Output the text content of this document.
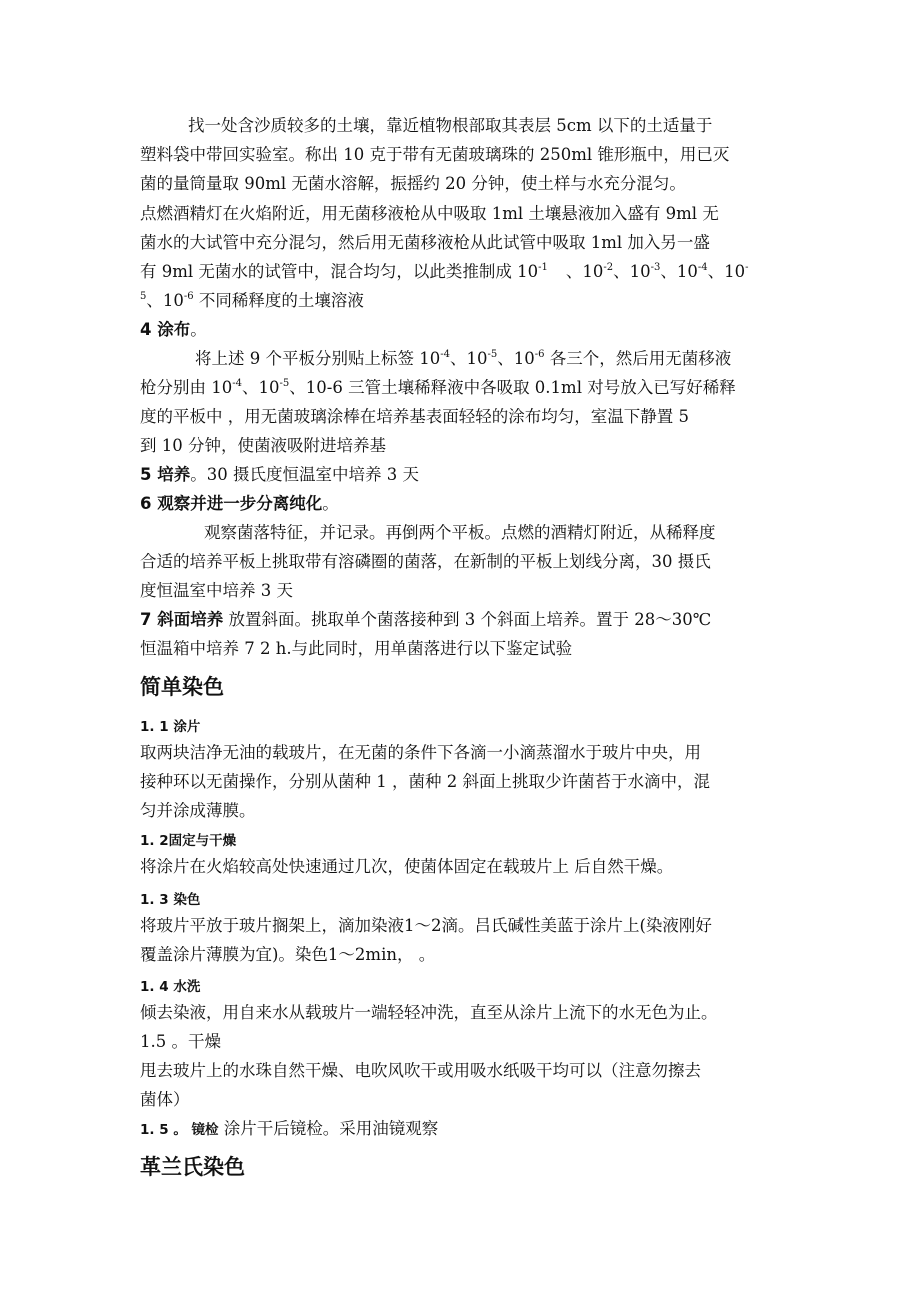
找一处含沙质较多的土壤，靠近植物根部取其表层 5cm 以下的土适量于
塑料袋中带回实验室。称出 10 克于带有无菌玻璃珠的 250ml 锥形瓶中，用已灭
菌的量筒量取 90ml 无菌水溶解，振摇约 20 分钟，使土样与水充分混匀。
点燃酒精灯在火焰附近，用无菌移液枪从中吸取 1ml 土壤悬液加入盛有 9ml 无
菌水的大试管中充分混匀，然后用无菌移液枪从此试管中吸取 1ml 加入另一盛
有 9ml 无菌水的试管中，混合均匀，以此类推制成 $10^{-1}$ 、$10^{-2}$、$10^{-3}$、$10^{-4}$、10-
$^5$、$10^{-6}$ 不同稀释度的土壤溶液
4 涂布。
将上述 9 个平板分别贴上标签 $10^{-4}$、$10^{-5}$、$10^{-6}$ 各三个，然后用无菌移液
枪分别由 $10^{-4}$、$10^{-5}$、10-6 三管土壤稀释液中各吸取 0.1ml 对号放入已写好稀释
度的平板中 ，用无菌玻璃涂棒在培养基表面轻轻的涂布均匀，室温下静置 5
到 10 分钟，使菌液吸附进培养基
5 培养。30 摄氏度恒温室中培养 3 天
6 观察并进一步分离纯化。
观察菌落特征，并记录。再倒两个平板。点燃的酒精灯附近，从稀释度
合适的培养平板上挑取带有溶磷圈的菌落，在新制的平板上划线分离，30 摄氏
度恒温室中培养 3 天
7 斜面培养 放置斜面。挑取单个菌落接种到 3 个斜面上培养。置于 28～30℃
恒温箱中培养 7 2 h.与此同时，用单菌落进行以下鉴定试验
简单染色
1. 1 涂片
取两块洁净无油的载玻片，在无菌的条件下各滴一小滴蒸溜水于玻片中央，用
接种环以无菌操作，分别从菌种 1 ，菌种 2 斜面上挑取少许菌苔于水滴中，混
匀并涂成薄膜。
1. 2固定与干燥
将涂片在火焰较高处快速通过几次，使菌体固定在载玻片上 后自然干燥。
1. 3 染色
将玻片平放于玻片搁架上，滴加染液1～2滴。吕氏碱性美蓝于涂片上(染液刚好
覆盖涂片薄膜为宜)。染色1～2min， 。
1. 4 水洗
倾去染液，用自来水从载玻片一端轻轻冲洗，直至从涂片上流下的水无色为止。
1.5 。干燥
甩去玻片上的水珠自然干燥、电吹风吹干或用吸水纸吸干均可以（注意勿擦去
菌体）
1. 5 。 镜检 涂片干后镜检。采用油镜观察
革兰氏染色
